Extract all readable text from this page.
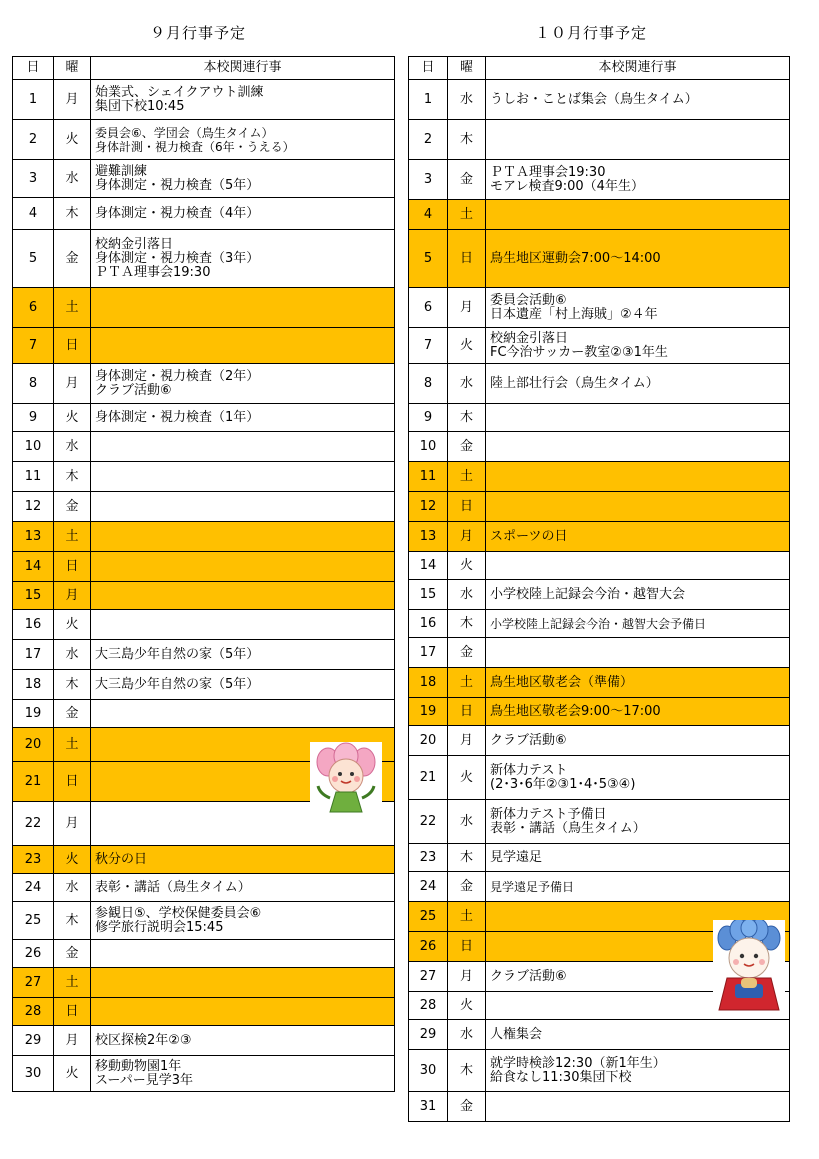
９月行事予定	１０月行事予定
日	曜	本校関連行事
1	月	始業式、シェイクアウト訓練
集団下校10:45
2	火	委員会⑥、学団会（鳥生タイム）
身体計測・視力検査（6年・うえる）
3	水	避難訓練
身体測定・視力検査（5年）
4	木	身体測定・視力検査（4年）
5	金	校納金引落日
身体測定・視力検査（3年）
ＰＴＡ理事会19:30
6	土	
7	日	
8	月	身体測定・視力検査（2年）
クラブ活動⑥
9	火	身体測定・視力検査（1年）
10	水	
11	木	
12	金	
13	土	
14	日	
15	月	
16	火	
17	水	大三島少年自然の家（5年）
18	木	大三島少年自然の家（5年）
19	金	
20	土	
21	日	
22	月	
23	火	秋分の日
24	水	表彰・講話（鳥生タイム）
25	木	参観日⑤、学校保健委員会⑥
修学旅行説明会15:45
26	金	
27	土	
28	日	
29	月	校区探検2年②③
30	火	移動動物園1年
スーパー見学3年
日	曜	本校関連行事
1	水	うしお・ことば集会（鳥生タイム）
2	木	
3	金	ＰＴＡ理事会19:30
モアレ検査9:00（4年生）
4	土	
5	日	鳥生地区運動会7:00～14:00
6	月	委員会活動⑥
日本遺産「村上海賊」②４年
7	火	校納金引落日
FC今治サッカー教室②③1年生
8	水	陸上部壮行会（鳥生タイム）
9	木	
10	金	
11	土	
12	日	
13	月	スポーツの日
14	火	
15	水	小学校陸上記録会今治・越智大会
16	木	小学校陸上記録会今治・越智大会予備日
17	金	
18	土	鳥生地区敬老会（準備）
19	日	鳥生地区敬老会9:00～17:00
20	月	クラブ活動⑥
21	火	新体力テスト
(2･3･6年②③1･4･5③④)
22	水	新体力テスト予備日
表彰・講話（鳥生タイム）
23	木	見学遠足
24	金	見学遠足予備日
25	土	
26	日	
27	月	クラブ活動⑥
28	火	
29	水	人権集会
30	木	就学時検診12:30（新1年生）
給食なし11:30集団下校
31	金	
